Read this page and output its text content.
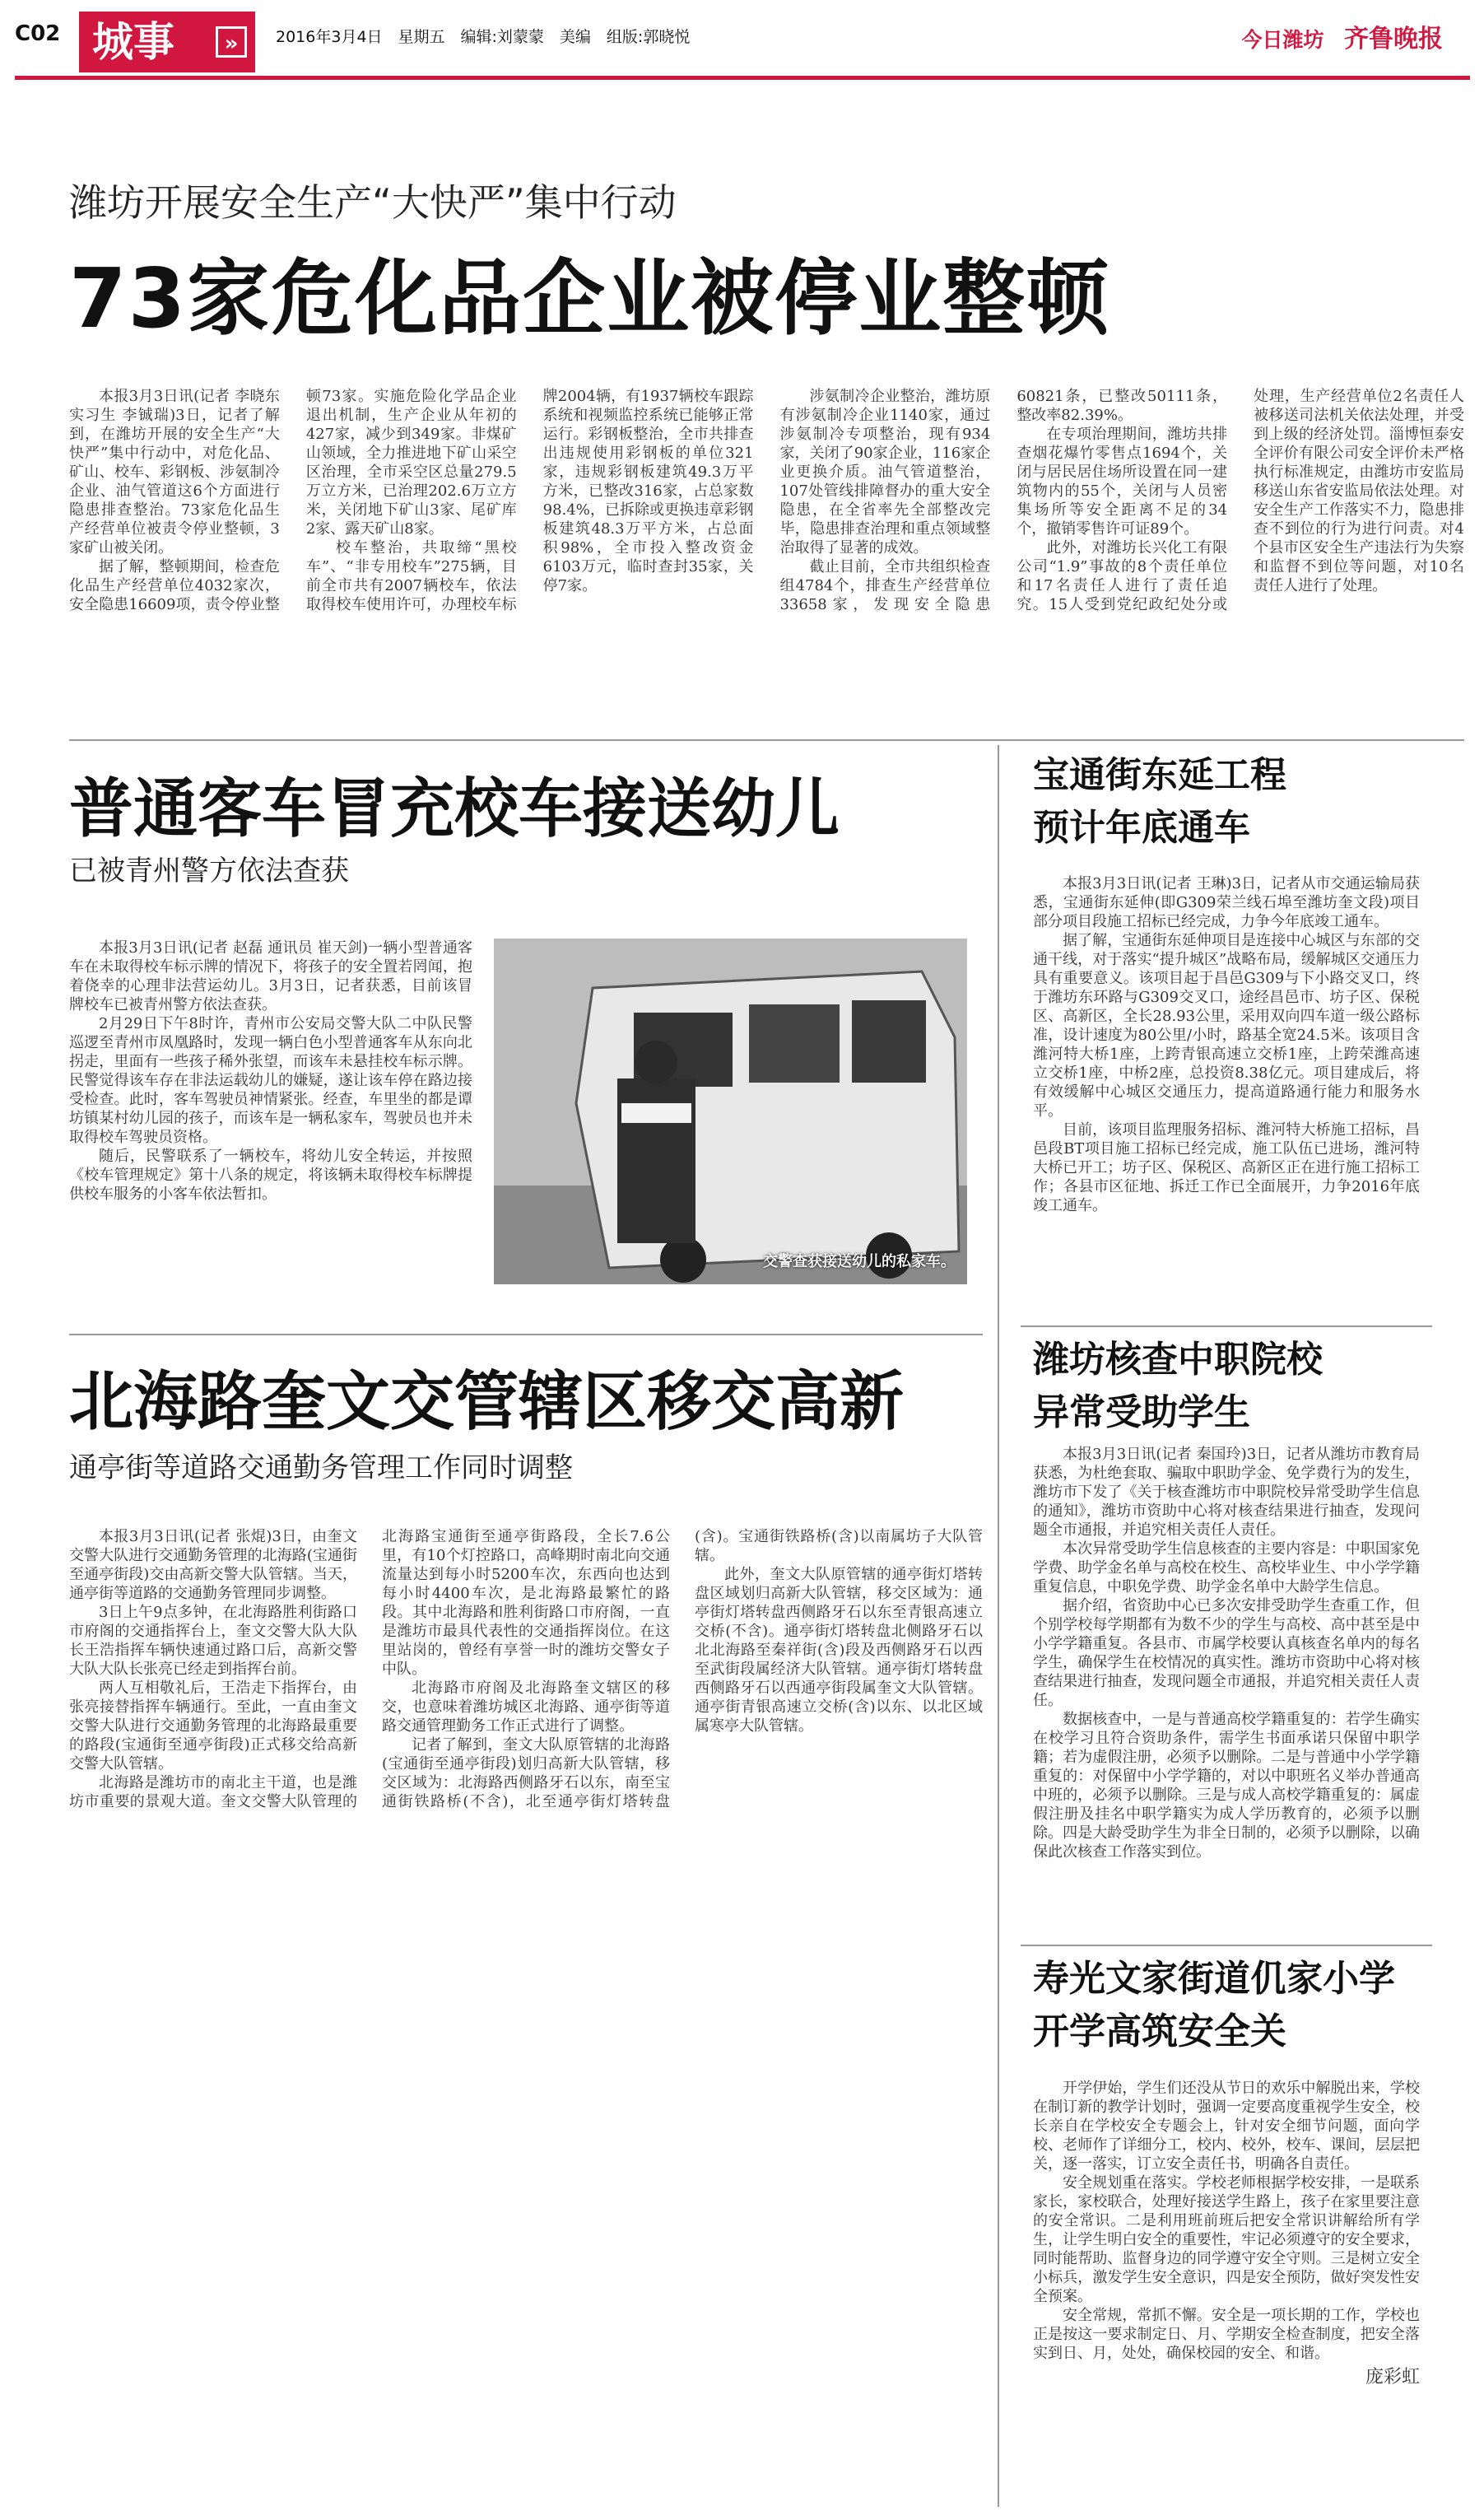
C02 城事	»	2016年3月4日　星期五　编辑:刘蒙蒙　美编　组版:郭晓悦	今日潍坊 齐鲁晚报
潍坊开展安全生产“大快严”集中行动
73家危化品企业被停业整顿

本报3月3日讯(记者 李晓东 实习生 李铖瑞)3日，记者了解到，在潍坊开展的安全生产“大快严”集中行动中，对危化品、矿山、校车、彩钢板、涉氨制冷企业、油气管道这6个方面进行隐患排查整治。73家危化品生产经营单位被责令停业整顿，3家矿山被关闭。

据了解，整顿期间，检查危化品生产经营单位4032家次，安全隐患16609项，责令停业整顿73家。实施危险化学品企业退出机制，生产企业从年初的427家，减少到349家。非煤矿山领域，全力推进地下矿山采空区治理，全市采空区总量279.5万立方米，已治理202.6万立方米，关闭地下矿山3家、尾矿库2家、露天矿山8家。

校车整治，共取缔“黑校车”、“非专用校车”275辆，目前全市共有2007辆校车，依法取得校车使用许可，办理校车标牌2004辆，有1937辆校车跟踪系统和视频监控系统已能够正常运行。彩钢板整治，全市共排查出违规使用彩钢板的单位321家，违规彩钢板建筑49.3万平方米，已整改316家，占总家数98.4%，已拆除或更换违章彩钢板建筑48.3万平方米，占总面积98%，全市投入整改资金6103万元，临时查封35家，关停7家。

涉氨制冷企业整治，潍坊原有涉氨制冷企业1140家，通过涉氨制冷专项整治，现有934家，关闭了90家企业，116家企业更换介质。油气管道整治，107处管线排障督办的重大安全隐患，在全省率先全部整改完毕，隐患排查治理和重点领域整治取得了显著的成效。

截止目前，全市共组织检查组4784个，排查生产经营单位33658家，发现安全隐患60821条，已整改50111条，整改率82.39%。

在专项治理期间，潍坊共排查烟花爆竹零售点1694个，关闭与居民居住场所设置在同一建筑物内的55个，关闭与人员密集场所等安全距离不足的34个，撤销零售许可证89个。

此外，对潍坊长兴化工有限公司“1.9”事故的8个责任单位和17名责任人进行了责任追究。15人受到党纪政纪处分或处理，生产经营单位2名责任人被移送司法机关依法处理，并受到上级的经济处罚。淄博恒泰安全评价有限公司安全评价未严格执行标准规定，由潍坊市安监局移送山东省安监局依法处理。对安全生产工作落实不力，隐患排查不到位的行为进行问责。对4个县市区安全生产违法行为失察和监督不到位等问题，对10名责任人进行了处理。

普通客车冒充校车接送幼儿
已被青州警方依法查获

本报3月3日讯(记者 赵磊 通讯员 崔天剑)一辆小型普通客车在未取得校车标示牌的情况下，将孩子的安全置若罔闻，抱着侥幸的心理非法营运幼儿。3月3日，记者获悉，目前该冒牌校车已被青州警方依法查获。

2月29日下午8时许，青州市公安局交警大队二中队民警巡逻至青州市凤凰路时，发现一辆白色小型普通客车从东向北拐走，里面有一些孩子稀外张望，而该车未悬挂校车标示牌。民警觉得该车存在非法运载幼儿的嫌疑，遂让该车停在路边接受检查。此时，客车驾驶员神情紧张。经查，车里坐的都是谭坊镇某村幼儿园的孩子，而该车是一辆私家车，驾驶员也并未取得校车驾驶员资格。

随后，民警联系了一辆校车，将幼儿安全转运，并按照《校车管理规定》第十八条的规定，将该辆未取得校车标牌提供校车服务的小客车依法暂扣。

交警查获接送幼儿的私家车。
北海路奎文交管辖区移交高新
通亭街等道路交通勤务管理工作同时调整

本报3月3日讯(记者 张焜)3日，由奎文交警大队进行交通勤务管理的北海路(宝通街至通亭街段)交由高新交警大队管辖。当天，通亭街等道路的交通勤务管理同步调整。

3日上午9点多钟，在北海路胜利街路口市府阁的交通指挥台上，奎文交警大队大队长王浩指挥车辆快速通过路口后，高新交警大队大队长张亮已经走到指挥台前。

两人互相敬礼后，王浩走下指挥台，由张亮接替指挥车辆通行。至此，一直由奎文交警大队进行交通勤务管理的北海路最重要的路段(宝通街至通亭街段)正式移交给高新交警大队管辖。

北海路是潍坊市的南北主干道，也是潍坊市重要的景观大道。奎文交警大队管理的北海路宝通街至通亭街路段，全长7.6公里，有10个灯控路口，高峰期时南北向交通流量达到每小时5200车次，东西向也达到每小时4400车次，是北海路最繁忙的路段。其中北海路和胜利街路口市府阁，一直是潍坊市最具代表性的交通指挥岗位。在这里站岗的，曾经有享誉一时的潍坊交警女子中队。

北海路市府阁及北海路奎文辖区的移交，也意味着潍坊城区北海路、通亭街等道路交通管理勤务工作正式进行了调整。

记者了解到，奎文大队原管辖的北海路(宝通街至通亭街段)划归高新大队管辖，移交区域为：北海路西侧路牙石以东，南至宝通街铁路桥(不含)，北至通亭街灯塔转盘(含)。宝通街铁路桥(含)以南属坊子大队管辖。

此外，奎文大队原管辖的通亭街灯塔转盘区域划归高新大队管辖，移交区域为：通亭街灯塔转盘西侧路牙石以东至青银高速立交桥(不含)。通亭街灯塔转盘北侧路牙石以北北海路至秦祥街(含)段及西侧路牙石以西至武街段属经济大队管辖。通亭街灯塔转盘西侧路牙石以西通亭街段属奎文大队管辖。通亭街青银高速立交桥(含)以东、以北区域属寒亭大队管辖。

宝通街东延工程
预计年底通车

本报3月3日讯(记者 王琳)3日，记者从市交通运输局获悉，宝通街东延伸(即G309荣兰线石埠至潍坊奎文段)项目部分项目段施工招标已经完成，力争今年底竣工通车。

据了解，宝通街东延伸项目是连接中心城区与东部的交通干线，对于落实“提升城区”战略布局，缓解城区交通压力具有重要意义。该项目起于昌邑G309与下小路交叉口，终于潍坊东环路与G309交叉口，途经昌邑市、坊子区、保税区、高新区，全长28.93公里，采用双向四车道一级公路标准，设计速度为80公里/小时，路基全宽24.5米。该项目含潍河特大桥1座，上跨青银高速立交桥1座，上跨荣潍高速立交桥1座，中桥2座，总投资8.38亿元。项目建成后，将有效缓解中心城区交通压力，提高道路通行能力和服务水平。

目前，该项目监理服务招标、潍河特大桥施工招标，昌邑段BT项目施工招标已经完成，施工队伍已进场，潍河特大桥已开工；坊子区、保税区、高新区正在进行施工招标工作；各县市区征地、拆迁工作已全面展开，力争2016年底竣工通车。

潍坊核查中职院校
异常受助学生

本报3月3日讯(记者 秦国玲)3日，记者从潍坊市教育局获悉，为杜绝套取、骗取中职助学金、免学费行为的发生，潍坊市下发了《关于核查潍坊市中职院校异常受助学生信息的通知》，潍坊市资助中心将对核查结果进行抽查，发现问题全市通报，并追究相关责任人责任。

本次异常受助学生信息核查的主要内容是：中职国家免学费、助学金名单与高校在校生、高校毕业生、中小学学籍重复信息，中职免学费、助学金名单中大龄学生信息。

据介绍，省资助中心已多次安排受助学生查重工作，但个别学校每学期都有为数不少的学生与高校、高中甚至是中小学学籍重复。各县市、市属学校要认真核查名单内的每名学生，确保学生在校情况的真实性。潍坊市资助中心将对核查结果进行抽查，发现问题全市通报，并追究相关责任人责任。

数据核查中，一是与普通高校学籍重复的：若学生确实在校学习且符合资助条件，需学生书面承诺只保留中职学籍；若为虚假注册，必须予以删除。二是与普通中小学学籍重复的：对保留中小学学籍的，对以中职班名义举办普通高中班的，必须予以删除。三是与成人高校学籍重复的：属虚假注册及挂名中职学籍实为成人学历教育的，必须予以删除。四是大龄受助学生为非全日制的，必须予以删除，以确保此次核查工作落实到位。

寿光文家街道仉家小学
开学高筑安全关

开学伊始，学生们还没从节日的欢乐中解脱出来，学校在制订新的教学计划时，强调一定要高度重视学生安全，校长亲自在学校安全专题会上，针对安全细节问题，面向学校、老师作了详细分工，校内、校外，校车、课间，层层把关，逐一落实，订立安全责任书，明确各自责任。

安全规划重在落实。学校老师根据学校安排，一是联系家长，家校联合，处理好接送学生路上，孩子在家里要注意的安全常识。二是利用班前班后把安全常识讲解给所有学生，让学生明白安全的重要性，牢记必须遵守的安全要求，同时能帮助、监督身边的同学遵守安全守则。三是树立安全小标兵，激发学生安全意识，四是安全预防，做好突发性安全预案。

安全常规，常抓不懈。安全是一项长期的工作，学校也正是按这一要求制定日、月、学期安全检查制度，把安全落实到日、月，处处，确保校园的安全、和谐。

庞彩虹
